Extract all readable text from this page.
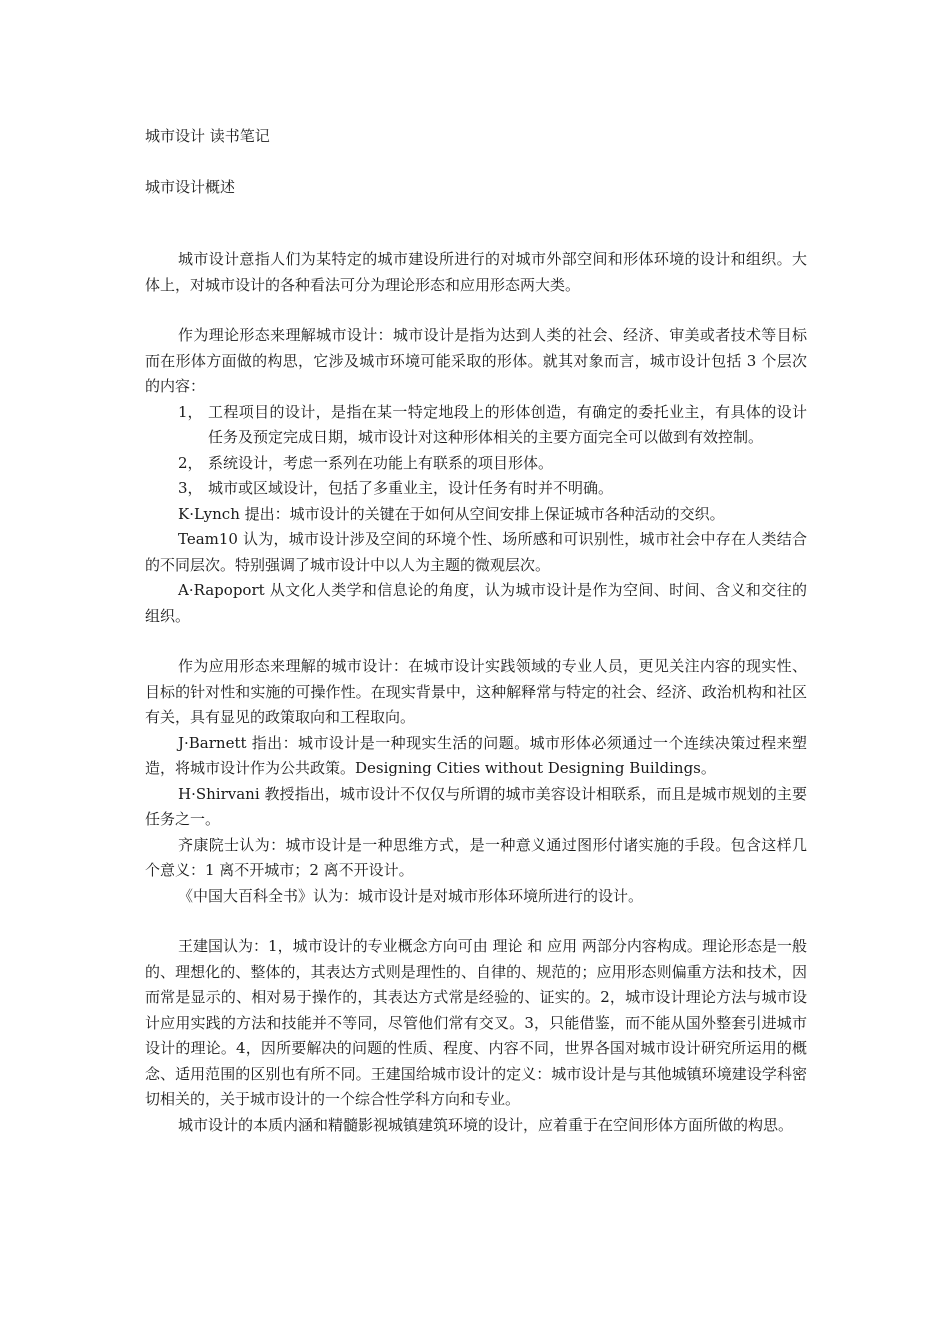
城市设计 读书笔记

城市设计概述

城市设计意指人们为某特定的城市建设所进行的对城市外部空间和形体环境的设计和组织。大体上，对城市设计的各种看法可分为理论形态和应用形态两大类。

作为理论形态来理解城市设计：城市设计是指为达到人类的社会、经济、审美或者技术等目标而在形体方面做的构思，它涉及城市环境可能采取的形体。就其对象而言，城市设计包括 3 个层次的内容：

1， 工程项目的设计，是指在某一特定地段上的形体创造，有确定的委托业主，有具体的设计任务及预定完成日期，城市设计对这种形体相关的主要方面完全可以做到有效控制。
2， 系统设计，考虑一系列在功能上有联系的项目形体。
3， 城市或区域设计，包括了多重业主，设计任务有时并不明确。

K·Lynch 提出：城市设计的关键在于如何从空间安排上保证城市各种活动的交织。

Team10 认为，城市设计涉及空间的环境个性、场所感和可识别性，城市社会中存在人类结合的不同层次。特别强调了城市设计中以人为主题的微观层次。

A·Rapoport 从文化人类学和信息论的角度，认为城市设计是作为空间、时间、含义和交往的组织。

作为应用形态来理解的城市设计：在城市设计实践领域的专业人员，更见关注内容的现实性、目标的针对性和实施的可操作性。在现实背景中，这种解释常与特定的社会、经济、政治机构和社区有关，具有显见的政策取向和工程取向。

J·Barnett 指出：城市设计是一种现实生活的问题。城市形体必须通过一个连续决策过程来塑造，将城市设计作为公共政策。Designing Cities without Designing Buildings。

H·Shirvani 教授指出，城市设计不仅仅与所谓的城市美容设计相联系，而且是城市规划的主要任务之一。

齐康院士认为：城市设计是一种思维方式，是一种意义通过图形付诸实施的手段。包含这样几个意义：1 离不开城市；2 离不开设计。

《中国大百科全书》认为：城市设计是对城市形体环境所进行的设计。

王建国认为：1，城市设计的专业概念方向可由 理论 和 应用 两部分内容构成。理论形态是一般的、理想化的、整体的，其表达方式则是理性的、自律的、规范的；应用形态则偏重方法和技术，因而常是显示的、相对易于操作的，其表达方式常是经验的、证实的。2，城市设计理论方法与城市设计应用实践的方法和技能并不等同，尽管他们常有交叉。3，只能借鉴，而不能从国外整套引进城市设计的理论。4，因所要解决的问题的性质、程度、内容不同，世界各国对城市设计研究所运用的概念、适用范围的区别也有所不同。王建国给城市设计的定义：城市设计是与其他城镇环境建设学科密切相关的，关于城市设计的一个综合性学科方向和专业。

城市设计的本质内涵和精髓影视城镇建筑环境的设计，应着重于在空间形体方面所做的构思。
